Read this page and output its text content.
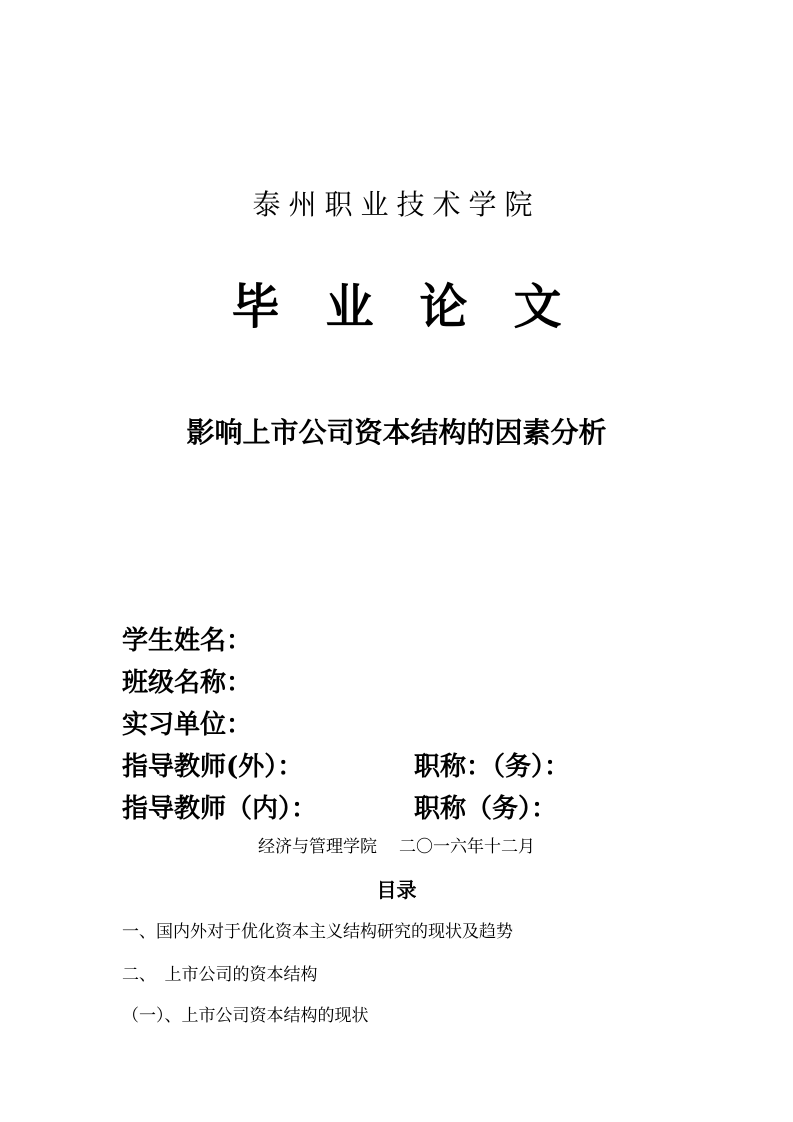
泰州职业技术学院
毕业论文
影响上市公司资本结构的因素分析
学生姓名：
班级名称：
实习单位：
指导教师(外）：	职称：（务）：
指导教师（内）：	职称（务）：
经济与管理学院 二〇一六年十二月
目录
一、国内外对于优化资本主义结构研究的现状及趋势
二、　上市公司的资本结构
（一）、上市公司资本结构的现状
